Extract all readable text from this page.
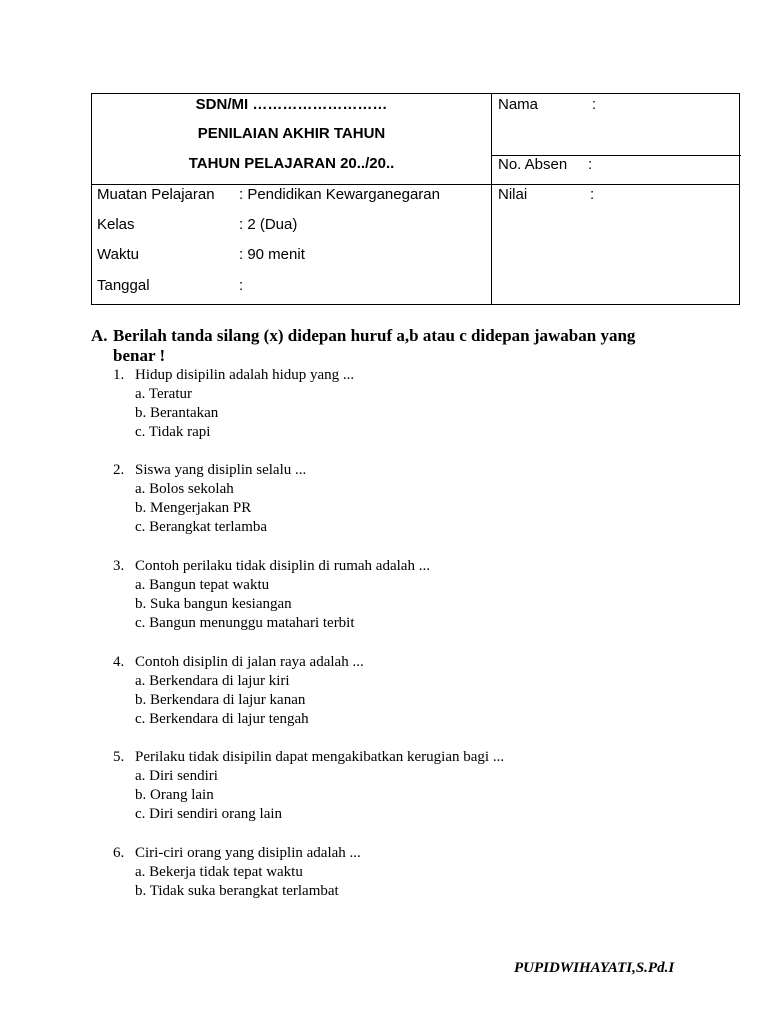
SDN/MI ………………………
PENILAIAN AKHIR TAHUN
TAHUN PELAJARAN 20../20..
Nama	:
No. Absen :
Nilai	:
Muatan Pelajaran : Pendidikan Kewarganegaran
Kelas	: 2 (Dua)
Waktu	: 90 menit
Tanggal	:
A. Berilah tanda silang (x) didepan huruf a,b atau c didepan jawaban yang benar !
1. Hidup disipilin adalah hidup yang ...
a. Teratur
b. Berantakan
c. Tidak rapi
2. Siswa yang disiplin selalu ...
a. Bolos sekolah
b. Mengerjakan PR
c. Berangkat terlamba
3. Contoh perilaku tidak disiplin di rumah adalah ...
a. Bangun tepat waktu
b. Suka bangun kesiangan
c. Bangun menunggu matahari terbit
4. Contoh disiplin di jalan raya adalah ...
a. Berkendara di lajur kiri
b. Berkendara di lajur kanan
c. Berkendara di lajur tengah
5. Perilaku tidak disipilin dapat mengakibatkan kerugian bagi ...
a. Diri sendiri
b. Orang lain
c. Diri sendiri orang lain
6. Ciri-ciri orang yang disiplin adalah ...
a. Bekerja tidak tepat waktu
b. Tidak suka berangkat terlambat
PUPIDWIHAYATI,S.Pd.I
